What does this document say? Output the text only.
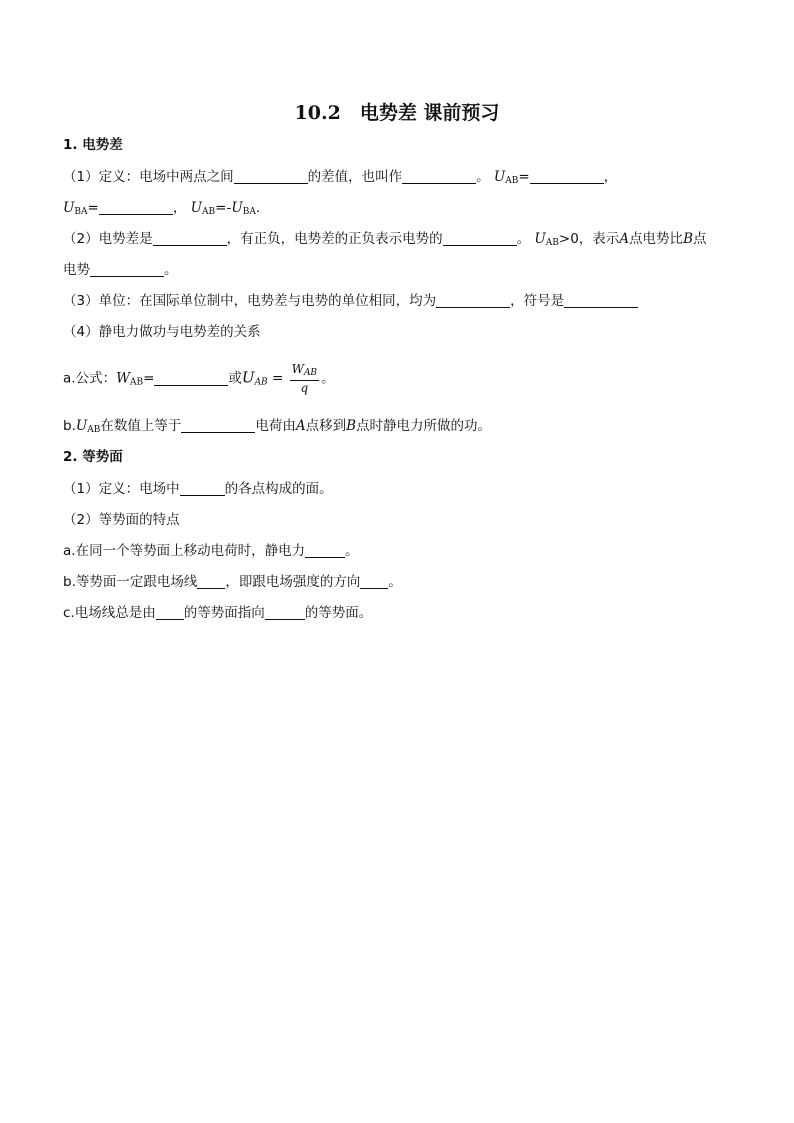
10.2　电势差 课前预习
1. 电势差
（1）定义：电场中两点之间	的差值，也叫作	。 $U_{AB}=$	，
$U_{BA}=$	， $U_{AB}=-U_{BA}$.
（2）电势差是	，有正负，电势差的正负表示电势的	。 $U_{AB}>0$，表示A点电势比B点
电势	。
（3）单位：在国际单位制中，电势差与电势的单位相同，均为	，符号是
（4）静电力做功与电势差的关系
a.公式：$W_{AB}=$	或$U_{AB} = \frac{W_{AB}}{q}$ 。
$b.U_{AB}$在数值上等于	电荷由A点移到B点时静电力所做的功。
2. 等势面
（1）定义：电场中	的各点构成的面。
（2）等势面的特点
a.在同一个等势面上移动电荷时，静电力	。
b.等势面一定跟电场线 ，即跟电场强度的方向 。
c.电场线总是由 的等势面指向	的等势面。
